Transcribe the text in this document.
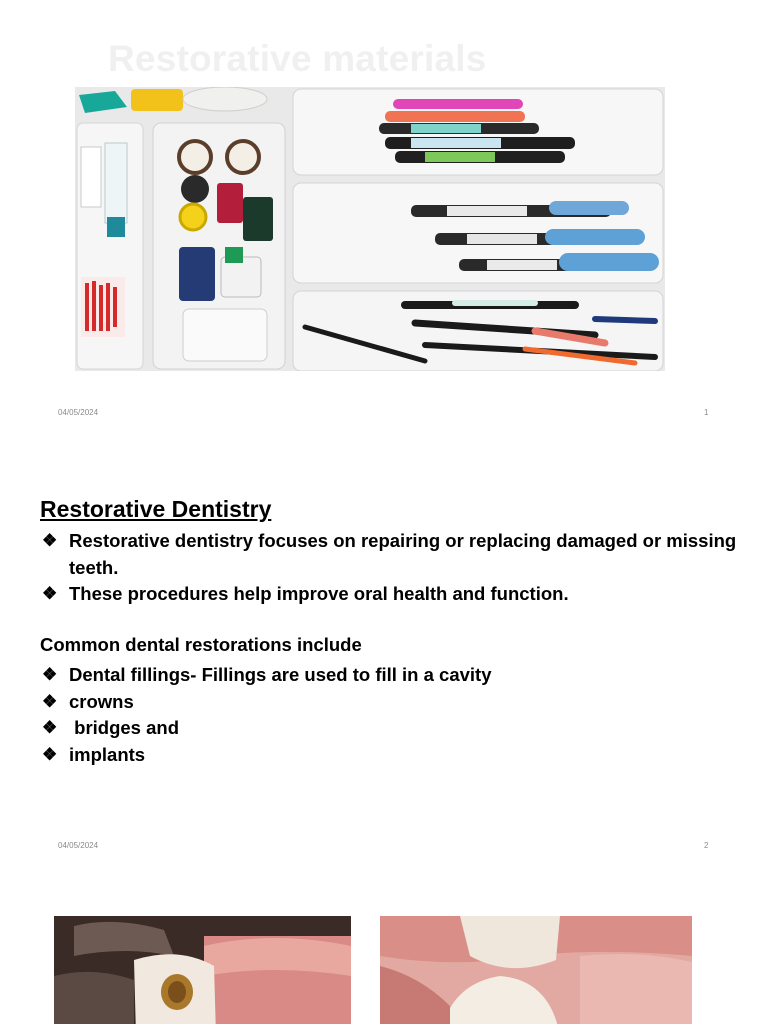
Restorative materials
04/05/2024	1
Restorative Dentistry
❖ Restorative dentistry focuses on repairing or replacing damaged or missing teeth.
❖ These procedures help improve oral health and function.

Common dental restorations include

❖ Dental fillings- Fillings are used to fill in a cavity
❖ crowns
❖ bridges and
❖ implants
04/05/2024	2
